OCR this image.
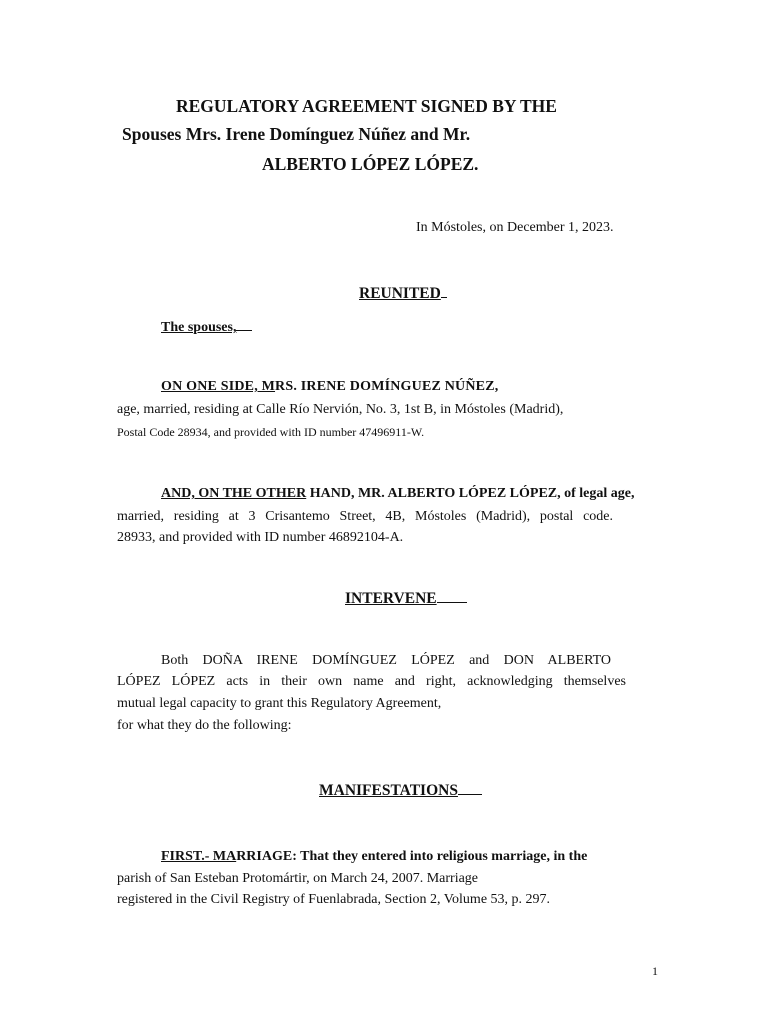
REGULATORY AGREEMENT SIGNED BY THE
Spouses Mrs. Irene Domínguez Núñez and Mr.
ALBERTO LÓPEZ LÓPEZ.
In Móstoles, on December 1, 2023.
REUNITED
The spouses,
ON ONE SIDE, MRS. IRENE DOMÍNGUEZ NÚÑEZ,
age, married, residing at Calle Río Nervión, No. 3, 1st B, in Móstoles (Madrid),
Postal Code 28934, and provided with ID number 47496911-W.
AND, ON THE OTHER HAND, MR. ALBERTO LÓPEZ LÓPEZ, of legal age,
married, residing at 3 Crisantemo Street, 4B, Móstoles (Madrid), postal code.
28933, and provided with ID number 46892104-A.
INTERVENE
Both DOÑA IRENE DOMÍNGUEZ LÓPEZ and DON ALBERTO
LÓPEZ LÓPEZ acts in their own name and right, acknowledging themselves
mutual legal capacity to grant this Regulatory Agreement,
for what they do the following:
MANIFESTATIONS
FIRST.- MARRIAGE: That they entered into religious marriage, in the
parish of San Esteban Protomártir, on March 24, 2007. Marriage
registered in the Civil Registry of Fuenlabrada, Section 2, Volume 53, p. 297.
1
